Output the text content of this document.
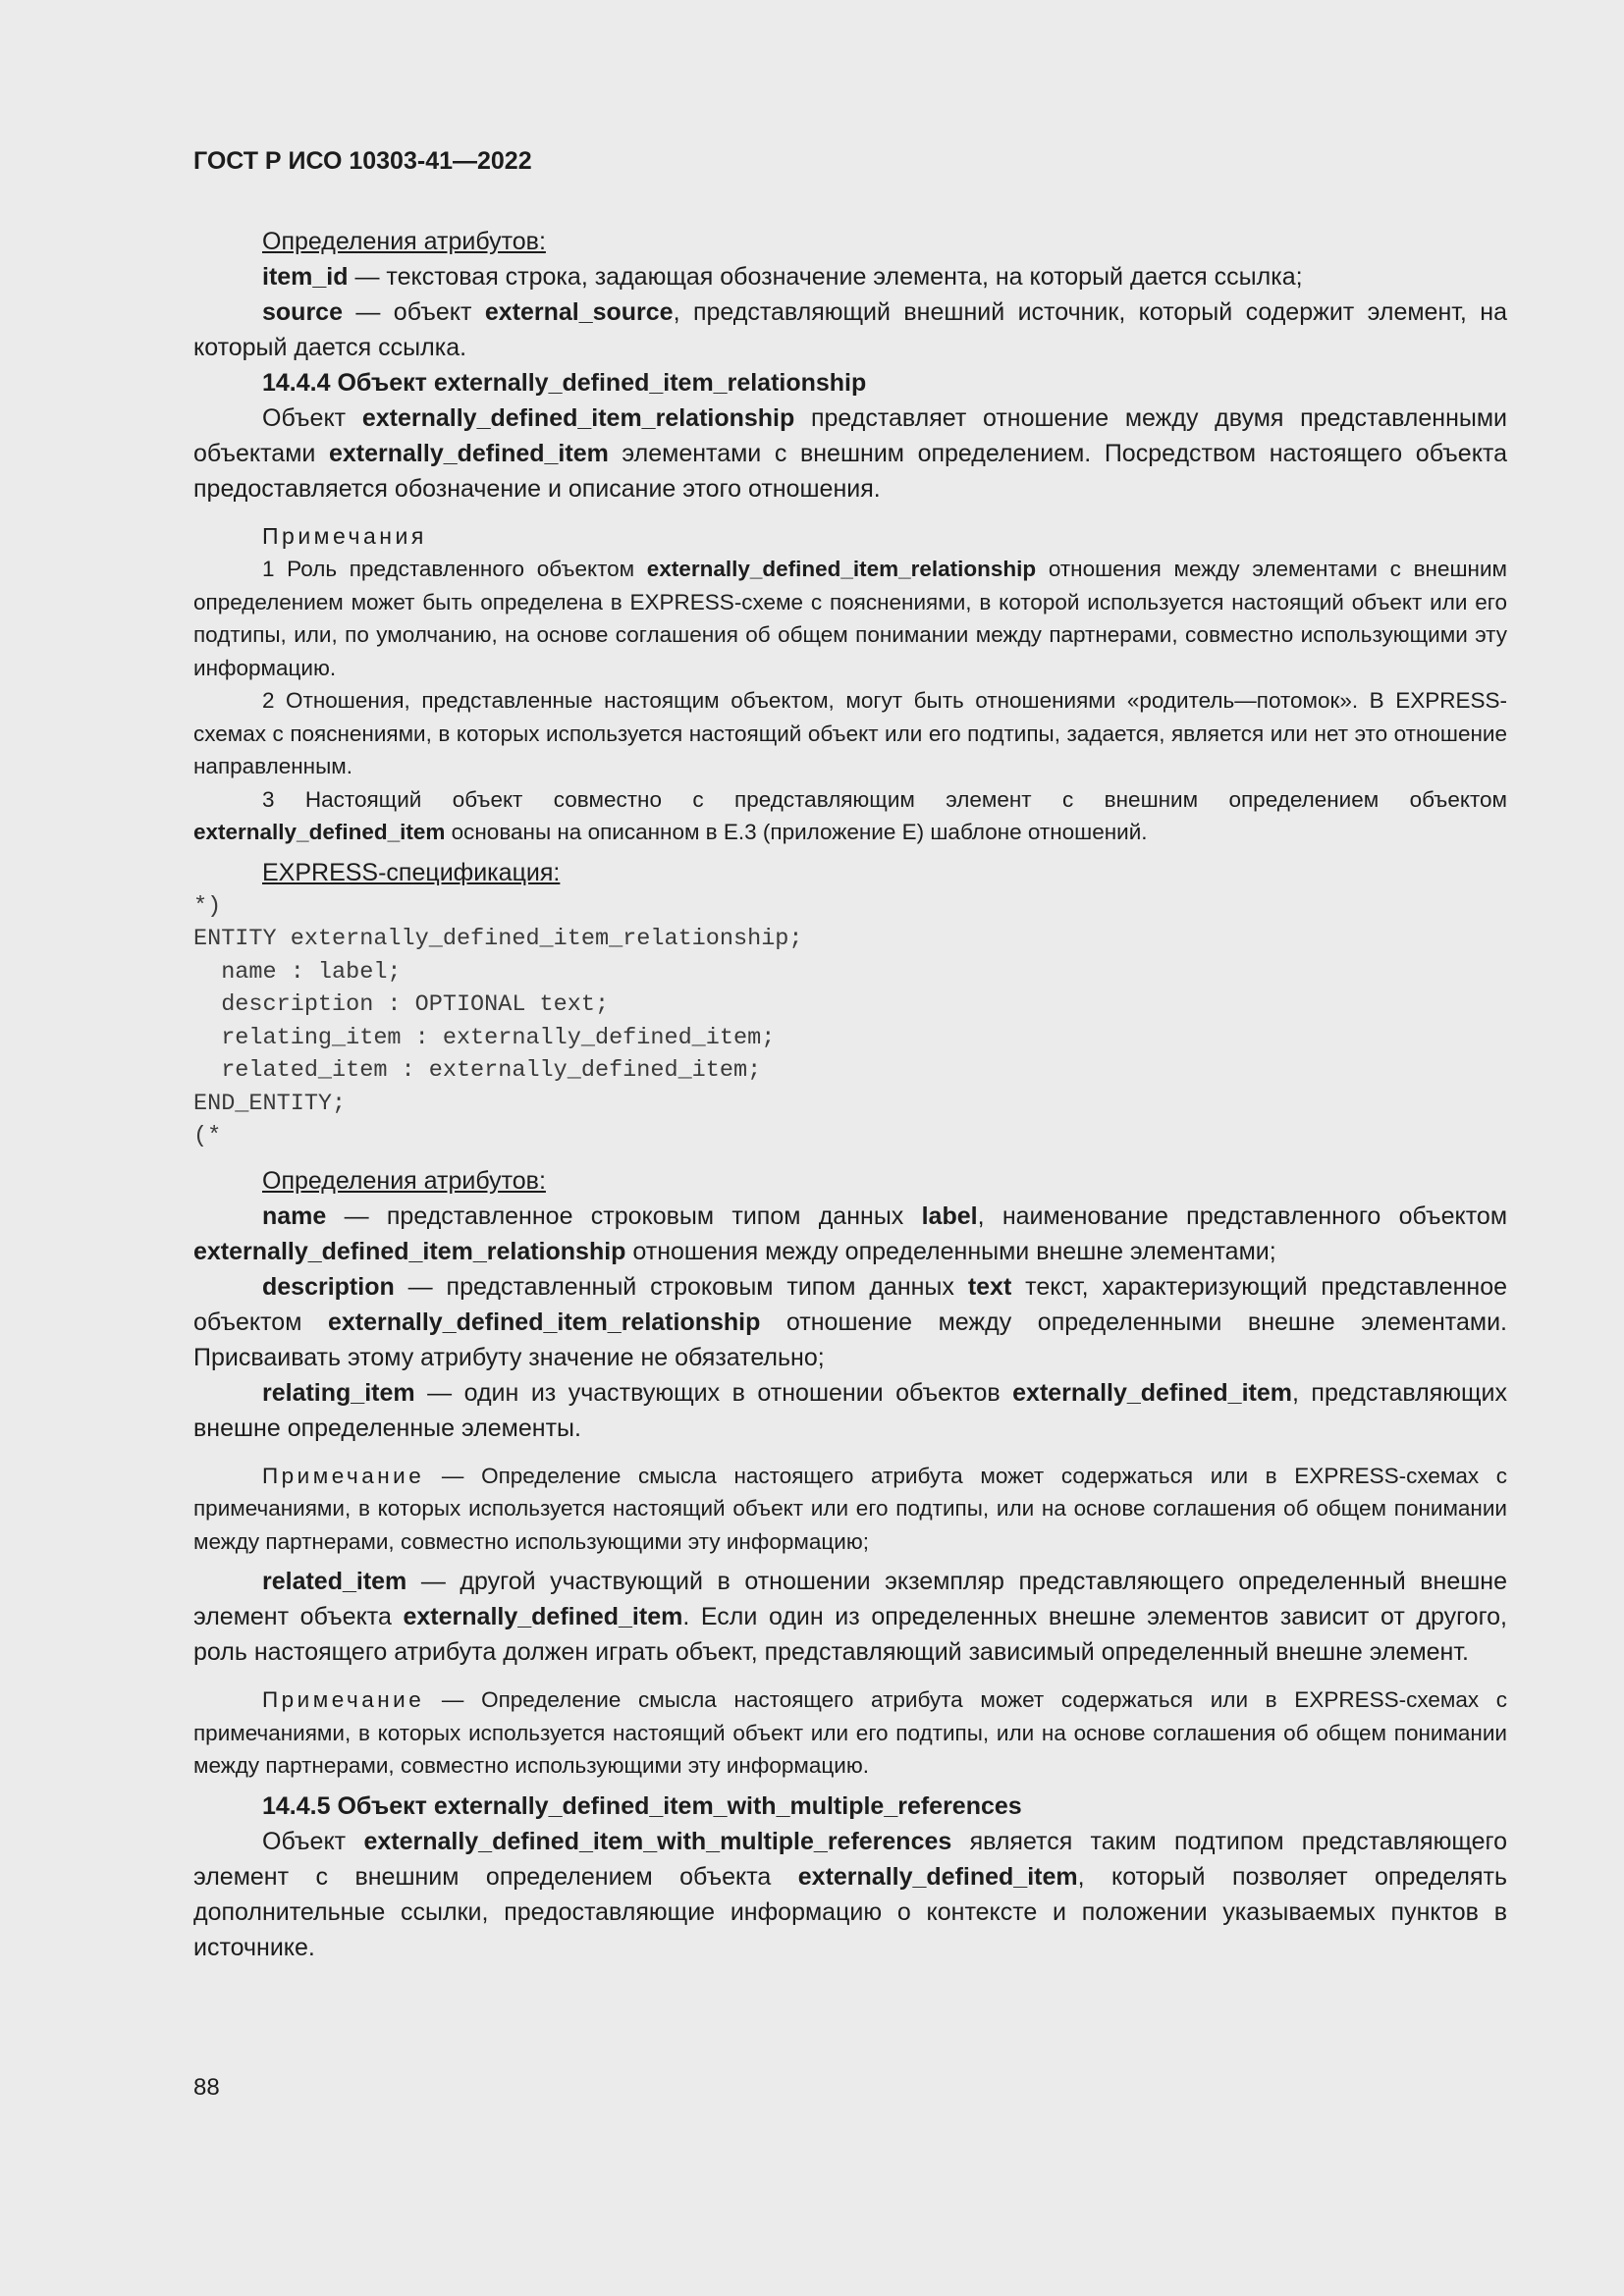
ГОСТ Р ИСО 10303-41—2022

Определения атрибутов:

item_id — текстовая строка, задающая обозначение элемента, на который дается ссылка;

source — объект external_source, представляющий внешний источник, который содержит элемент, на который дается ссылка.

14.4.4 Объект externally_defined_item_relationship

Объект externally_defined_item_relationship представляет отношение между двумя представленными объектами externally_defined_item элементами с внешним определением. Посредством настоящего объекта предоставляется обозначение и описание этого отношения.

Примечания

1 Роль представленного объектом externally_defined_item_relationship отношения между элементами с внешним определением может быть определена в EXPRESS-схеме с пояснениями, в которой используется настоящий объект или его подтипы, или, по умолчанию, на основе соглашения об общем понимании между партнерами, совместно использующими эту информацию.

2 Отношения, представленные настоящим объектом, могут быть отношениями «родитель—потомок». В EXPRESS-схемах с пояснениями, в которых используется настоящий объект или его подтипы, задается, является или нет это отношение направленным.

3 Настоящий объект совместно с представляющим элемент с внешним определением объектом externally_defined_item основаны на описанном в E.3 (приложение E) шаблоне отношений.

EXPRESS-спецификация:

*)
ENTITY externally_defined_item_relationship;
name : label;
description : OPTIONAL text;
relating_item : externally_defined_item;
related_item : externally_defined_item;
END_ENTITY;
(*

Определения атрибутов:

name — представленное строковым типом данных label, наименование представленного объектом externally_defined_item_relationship отношения между определенными внешне элементами;

description — представленный строковым типом данных text текст, характеризующий представленное объектом externally_defined_item_relationship отношение между определенными внешне элементами. Присваивать этому атрибуту значение не обязательно;

relating_item — один из участвующих в отношении объектов externally_defined_item, представляющих внешне определенные элементы.

Примечание — Определение смысла настоящего атрибута может содержаться или в EXPRESS-схемах с примечаниями, в которых используется настоящий объект или его подтипы, или на основе соглашения об общем понимании между партнерами, совместно использующими эту информацию;

related_item — другой участвующий в отношении экземпляр представляющего определенный внешне элемент объекта externally_defined_item. Если один из определенных внешне элементов зависит от другого, роль настоящего атрибута должен играть объект, представляющий зависимый определенный внешне элемент.

Примечание — Определение смысла настоящего атрибута может содержаться или в EXPRESS-схемах с примечаниями, в которых используется настоящий объект или его подтипы, или на основе соглашения об общем понимании между партнерами, совместно использующими эту информацию.

14.4.5 Объект externally_defined_item_with_multiple_references

Объект externally_defined_item_with_multiple_references является таким подтипом представляющего элемент с внешним определением объекта externally_defined_item, который позволяет определять дополнительные ссылки, предоставляющие информацию о контексте и положении указываемых пунктов в источнике.

88
